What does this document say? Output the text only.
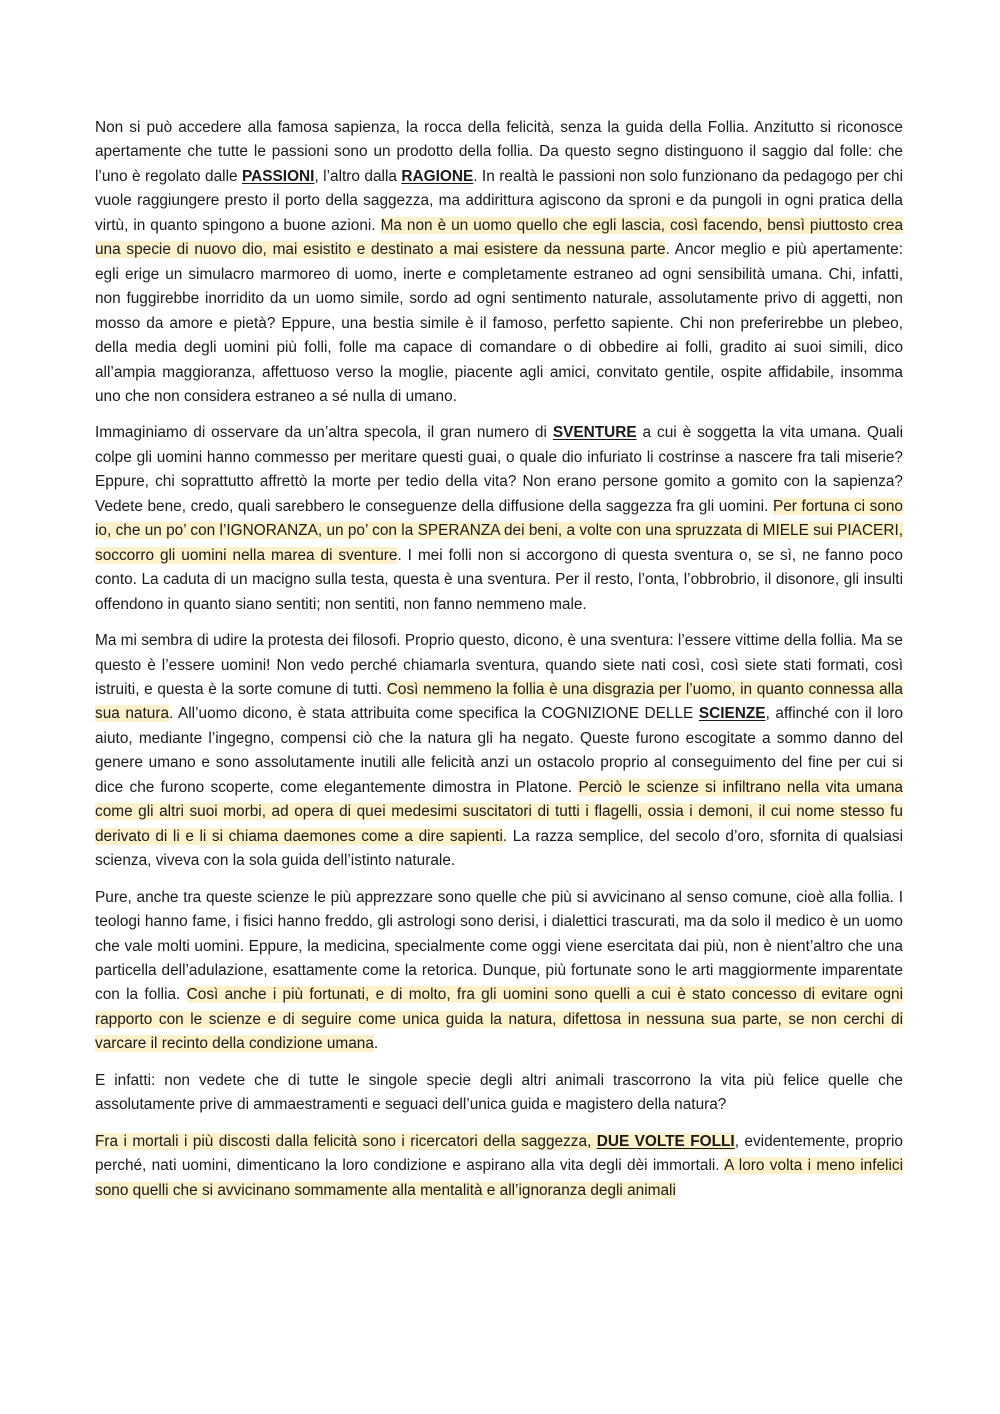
Non si può accedere alla famosa sapienza, la rocca della felicità, senza la guida della Follia. Anzitutto si riconosce apertamente che tutte le passioni sono un prodotto della follia. Da questo segno distinguono il saggio dal folle: che l’uno è regolato dalle PASSIONI, l’altro dalla RAGIONE. In realtà le passioni non solo funzionano da pedagogo per chi vuole raggiungere presto il porto della saggezza, ma addirittura agiscono da sproni e da pungoli in ogni pratica della virtù, in quanto spingono a buone azioni. Ma non è un uomo quello che egli lascia, così facendo, bensì piuttosto crea una specie di nuovo dio, mai esistito e destinato a mai esistere da nessuna parte. Ancor meglio e più apertamente: egli erige un simulacro marmoreo di uomo, inerte e completamente estraneo ad ogni sensibilità umana. Chi, infatti, non fuggirebbe inorridito da un uomo simile, sordo ad ogni sentimento naturale, assolutamente privo di aggetti, non mosso da amore e pietà? Eppure, una bestia simile è il famoso, perfetto sapiente. Chi non preferirebbe un plebeo, della media degli uomini più folli, folle ma capace di comandare o di obbedire ai folli, gradito ai suoi simili, dico all’ampia maggioranza, affettuoso verso la moglie, piacente agli amici, convitato gentile, ospite affidabile, insomma uno che non considera estraneo a sé nulla di umano.

Immaginiamo di osservare da un’altra specola, il gran numero di SVENTURE a cui è soggetta la vita umana. Quali colpe gli uomini hanno commesso per meritare questi guai, o quale dio infuriato li costrinse a nascere fra tali miserie? Eppure, chi soprattutto affrettò la morte per tedio della vita? Non erano persone gomito a gomito con la sapienza? Vedete bene, credo, quali sarebbero le conseguenze della diffusione della saggezza fra gli uomini. Per fortuna ci sono io, che un po’ con l’IGNORANZA, un po’ con la SPERANZA dei beni, a volte con una spruzzata di MIELE sui PIACERI, soccorro gli uomini nella marea di sventure. I mei folli non si accorgono di questa sventura o, se sì, ne fanno poco conto. La caduta di un macigno sulla testa, questa è una sventura. Per il resto, l’onta, l’obbrobrio, il disonore, gli insulti offendono in quanto siano sentiti; non sentiti, non fanno nemmeno male.

Ma mi sembra di udire la protesta dei filosofi. Proprio questo, dicono, è una sventura: l’essere vittime della follia. Ma se questo è l’essere uomini! Non vedo perché chiamarla sventura, quando siete nati così, così siete stati formati, così istruiti, e questa è la sorte comune di tutti. Così nemmeno la follia è una disgrazia per l’uomo, in quanto connessa alla sua natura. All’uomo dicono, è stata attribuita come specifica la COGNIZIONE DELLE SCIENZE, affinché con il loro aiuto, mediante l’ingegno, compensi ciò che la natura gli ha negato. Queste furono escogitate a sommo danno del genere umano e sono assolutamente inutili alle felicità anzi un ostacolo proprio al conseguimento del fine per cui si dice che furono scoperte, come elegantemente dimostra in Platone. Perciò le scienze si infiltrano nella vita umana come gli altri suoi morbi, ad opera di quei medesimi suscitatori di tutti i flagelli, ossia i demoni, il cui nome stesso fu derivato di li e li si chiama daemones come a dire sapienti. La razza semplice, del secolo d’oro, sfornita di qualsiasi scienza, viveva con la sola guida dell’istinto naturale.

Pure, anche tra queste scienze le più apprezzare sono quelle che più si avvicinano al senso comune, cioè alla follia. I teologi hanno fame, i fisici hanno freddo, gli astrologi sono derisi, i dialettici trascurati, ma da solo il medico è un uomo che vale molti uomini. Eppure, la medicina, specialmente come oggi viene esercitata dai più, non è nient’altro che una particella dell’adulazione, esattamente come la retorica. Dunque, più fortunate sono le arti maggiormente imparentate con la follia. Così anche i più fortunati, e di molto, fra gli uomini sono quelli a cui è stato concesso di evitare ogni rapporto con le scienze e di seguire come unica guida la natura, difettosa in nessuna sua parte, se non cerchi di varcare il recinto della condizione umana.

E infatti: non vedete che di tutte le singole specie degli altri animali trascorrono la vita più felice quelle che assolutamente prive di ammaestramenti e seguaci dell’unica guida e magistero della natura?

Fra i mortali i più discosti dalla felicità sono i ricercatori della saggezza, DUE VOLTE FOLLI, evidentemente, proprio perché, nati uomini, dimenticano la loro condizione e aspirano alla vita degli dèi immortali. A loro volta i meno infelici sono quelli che si avvicinano sommamente alla mentalità e all’ignoranza degli animali
